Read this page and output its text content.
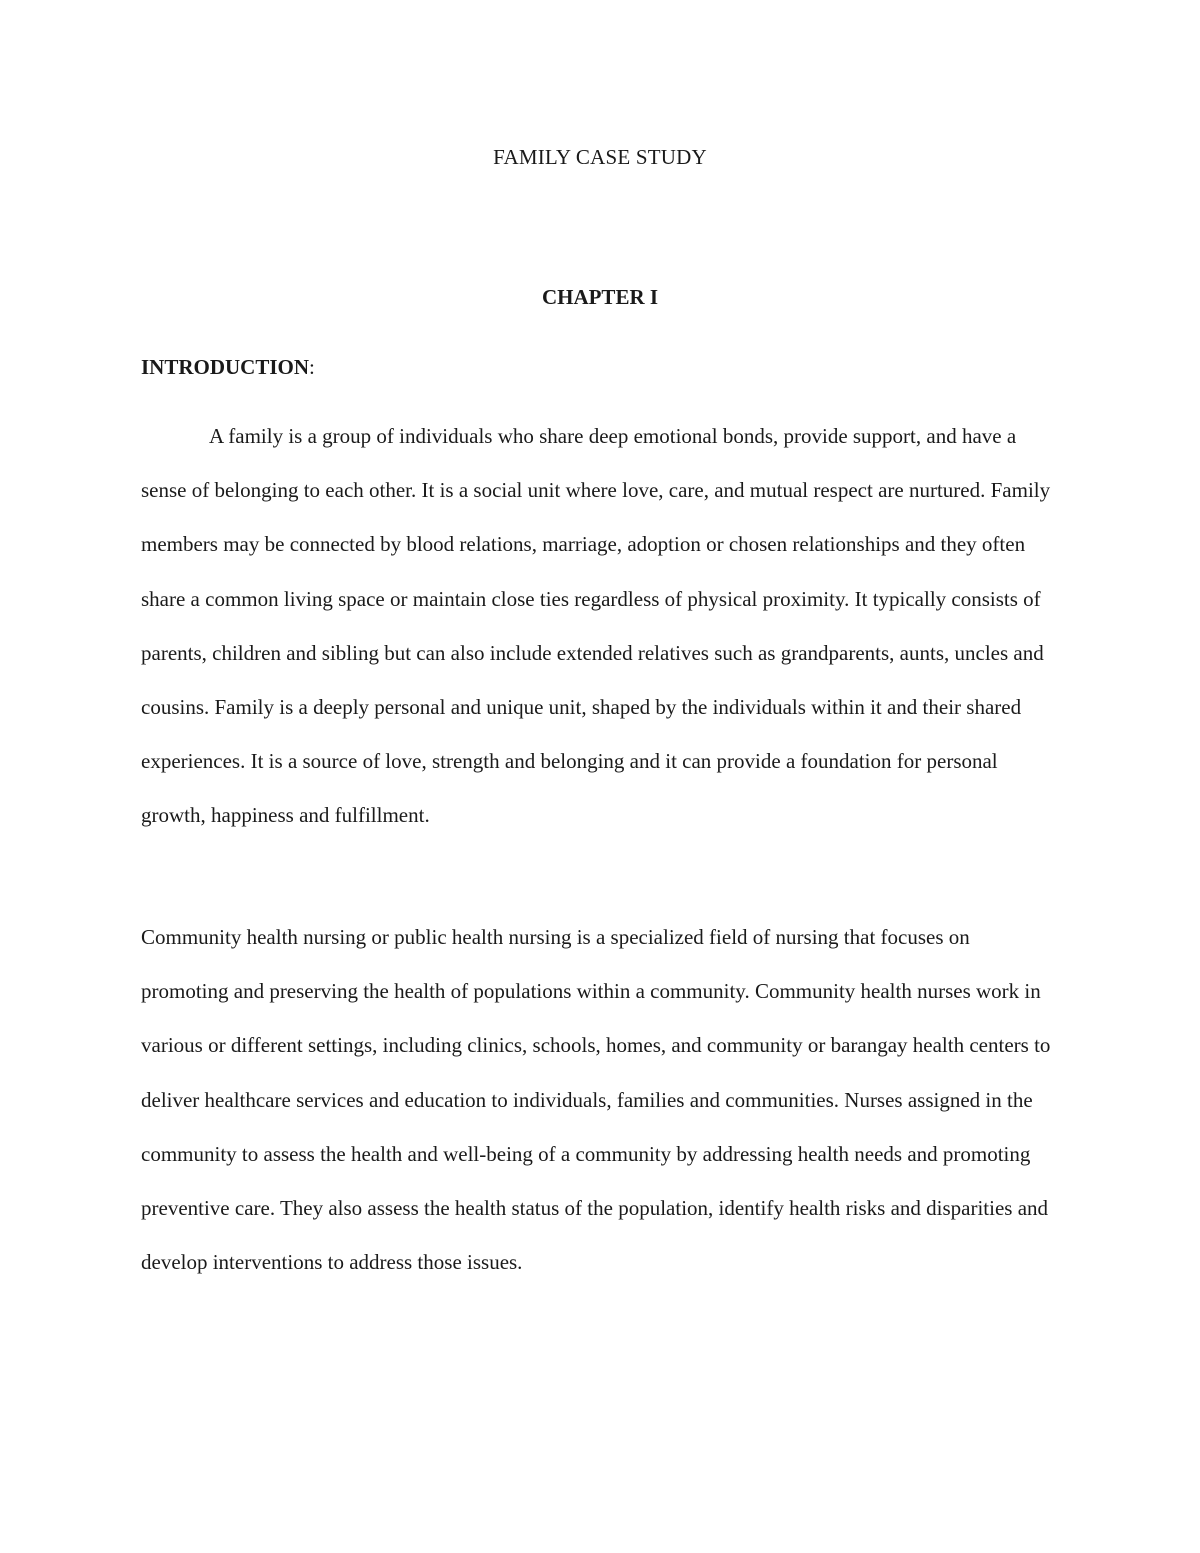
FAMILY CASE STUDY
CHAPTER I
INTRODUCTION:

A family is a group of individuals who share deep emotional bonds, provide support, and have a sense of belonging to each other. It is a social unit where love, care, and mutual respect are nurtured. Family members may be connected by blood relations, marriage, adoption or chosen relationships and they often share a common living space or maintain close ties regardless of physical proximity. It typically consists of parents, children and sibling but can also include extended relatives such as grandparents, aunts, uncles and cousins. Family is a deeply personal and unique unit, shaped by the individuals within it and their shared experiences. It is a source of love, strength and belonging and it can provide a foundation for personal growth, happiness and fulfillment.

Community health nursing or public health nursing is a specialized field of nursing that focuses on promoting and preserving the health of populations within a community. Community health nurses work in various or different settings, including clinics, schools, homes, and community or barangay health centers to deliver healthcare services and education to individuals, families and communities. Nurses assigned in the community to assess the health and well-being of a community by addressing health needs and promoting preventive care. They also assess the health status of the population, identify health risks and disparities and develop interventions to address those issues.
